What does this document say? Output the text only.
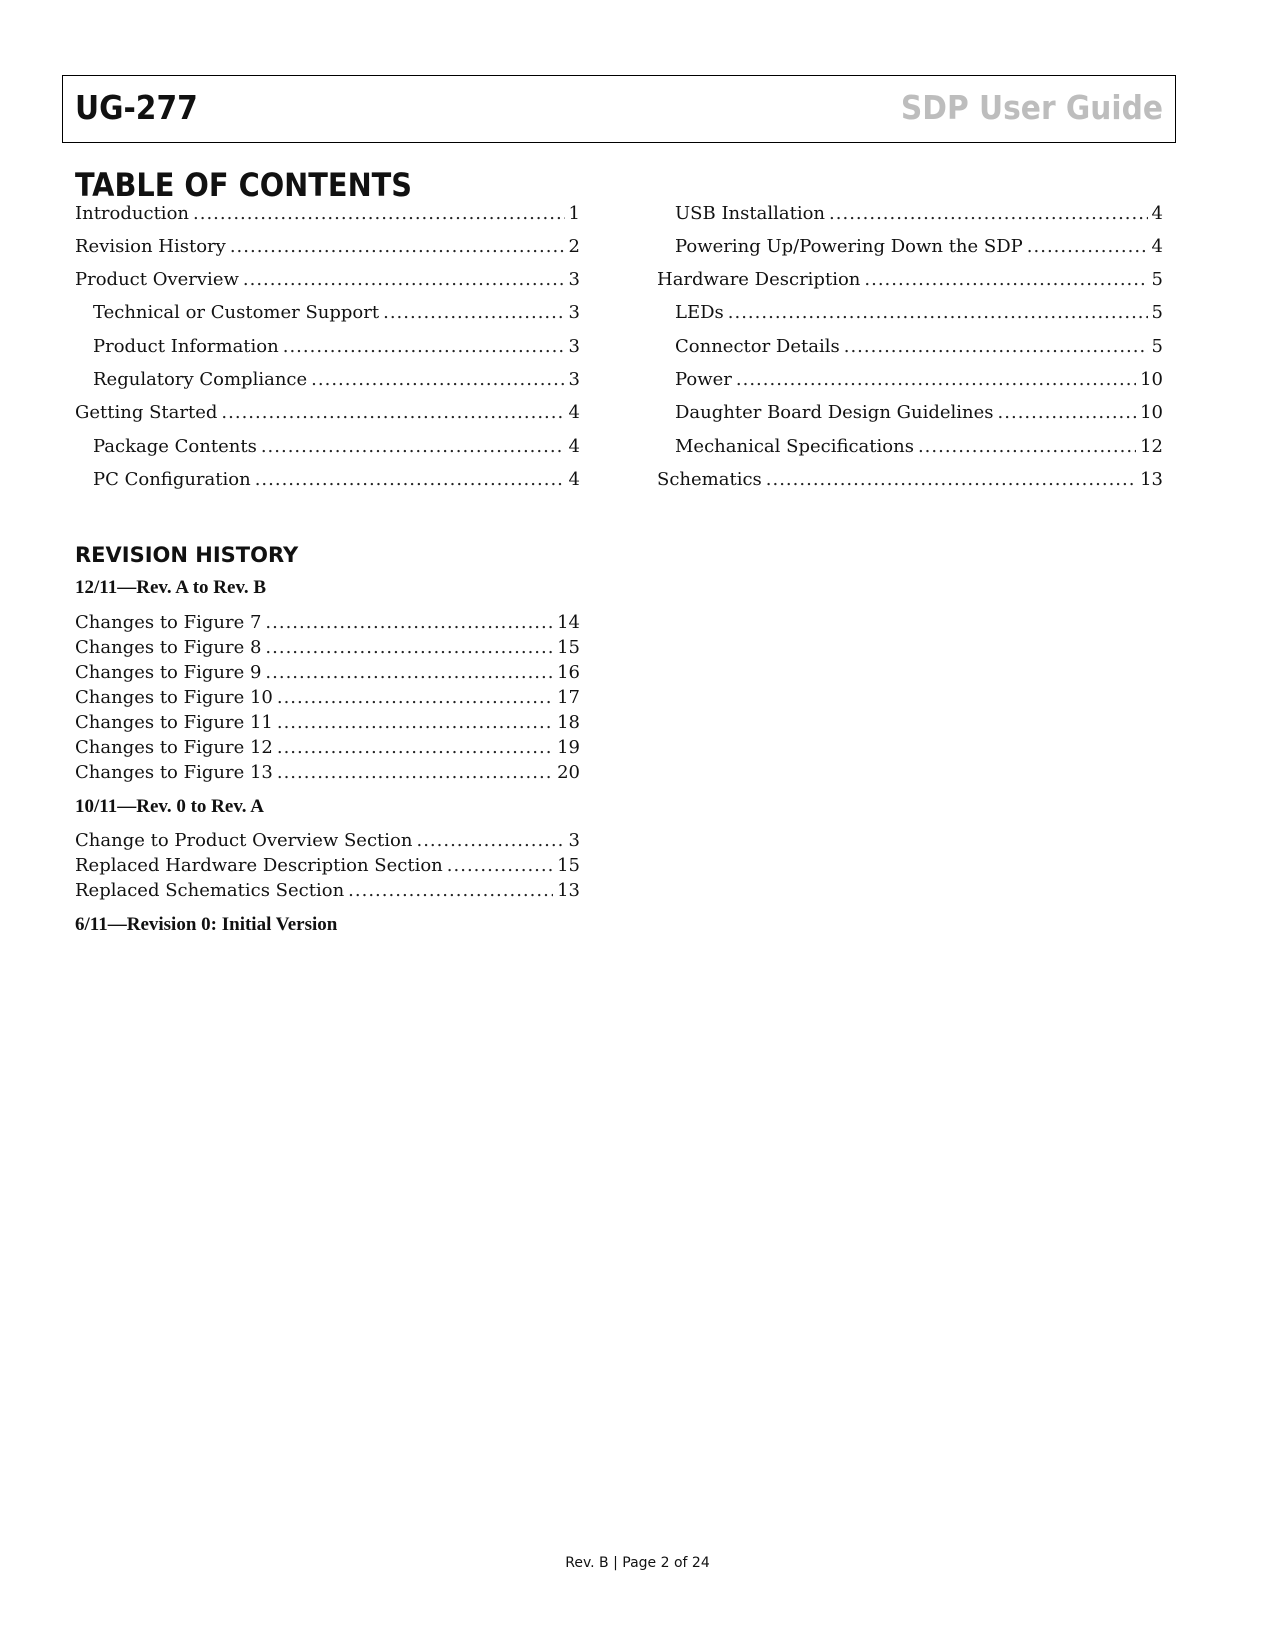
UG-277	SDP User Guide
TABLE OF CONTENTS
Introduction .....	1
Revision History .....	2
Product Overview .....	3
Technical or Customer Support .....	3
Product Information .....	3
Regulatory Compliance .....	3
Getting Started .....	4
Package Contents .....	4
PC Configuration .....	4
USB Installation .....	4
Powering Up/Powering Down the SDP .....	4
Hardware Description .....	5
LEDs .....	5
Connector Details .....	5
Power .....	10
Daughter Board Design Guidelines .....	10
Mechanical Specifications .....	12
Schematics .....	13
REVISION HISTORY
12/11—Rev. A to Rev. B
Changes to Figure 7 .....	14
Changes to Figure 8 .....	15
Changes to Figure 9 .....	16
Changes to Figure 10 .....	17
Changes to Figure 11 .....	18
Changes to Figure 12 .....	19
Changes to Figure 13 .....	20
10/11—Rev. 0 to Rev. A
Change to Product Overview Section .....	3
Replaced Hardware Description Section .....	15
Replaced Schematics Section .....	13
6/11—Revision 0: Initial Version
Rev. B | Page 2 of 24
